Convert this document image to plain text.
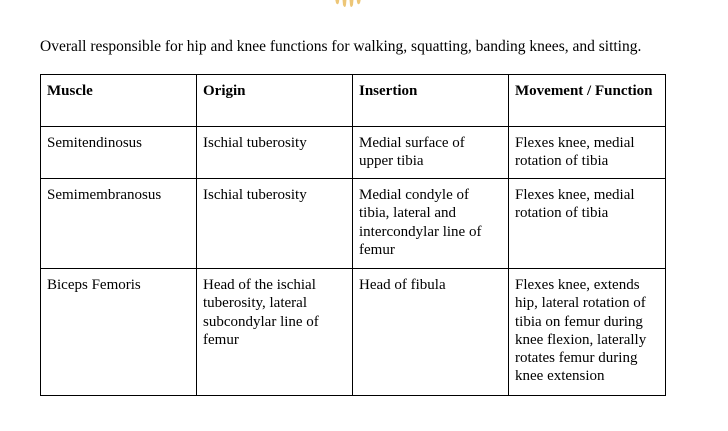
Overall responsible for hip and knee functions for walking, squatting, banding knees, and sitting.

Muscle	Origin	Insertion	Movement / Function
Semitendinosus	Ischial tuberosity	Medial surface of upper tibia	Flexes knee, medial rotation of tibia
Semimembranosus	Ischial tuberosity	Medial condyle of tibia, lateral and intercondylar line of femur	Flexes knee, medial rotation of tibia
Biceps Femoris	Head of the ischial tuberosity, lateral subcondylar line of femur	Head of fibula	Flexes knee, extends hip, lateral rotation of tibia on femur during knee flexion, laterally rotates femur during knee extension
